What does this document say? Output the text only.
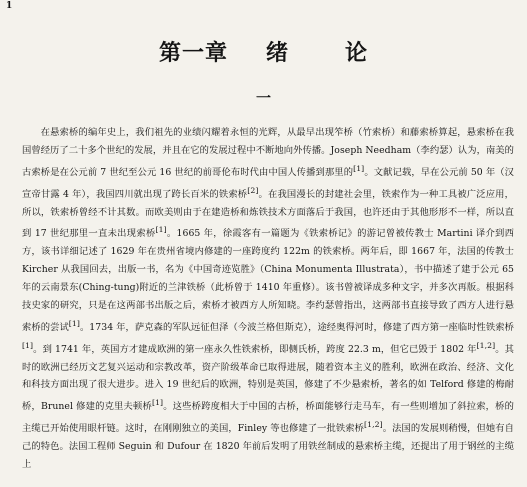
1
第一章 绪	论
一

在悬索桥的编年史上，我们祖先的业绩闪耀着永恒的光辉，从最早出现笮桥（竹索桥）和藤索桥算起，悬索桥在我国曾经历了二十多个世纪的发展，并且在它的发展过程中不断地向外传播。Joseph Needham（李约瑟）认为，南美的古索桥是在公元前 7 世纪至公元 16 世纪的前哥伦布时代由中国人传播到那里的[1]。文献记载，早在公元前 50 年（汉宣帝甘露 4 年），我国四川就出现了跨长百米的铁索桥[2]。在我国漫长的封建社会里，铁索作为一种工具被广泛应用，所以，铁索桥曾经不计其数。而欧美则由于在建造桥和炼铁技术方面落后于我国，也许还由于其他形形不一样，所以直到 17 世纪那里一直未出现索桥[1]。1665 年，徐霞客有一篇题为《铁索桥记》的游记曾被传教士 Martini 译介到西方，该书详细记述了 1629 年在贵州省境内修建的一座跨度约 122m 的铁索桥。两年后，即 1667 年，法国的传教士 Kircher 从我国回去，出版一书，名为《中国奇迹览胜》（China Monumenta Illustrata），书中描述了建于公元 65 年的云南景东(Ching-tung)附近的兰津铁桥（此桥曾于 1410 年重修）。该书曾被译成多种文字，并多次再版。根据科技史家的研究，只是在这两部书出版之后，索桥才被西方人所知晓。李约瑟曾指出，这两部书直接导致了西方人进行悬索桥的尝试[1]。1734 年，萨克森的军队远征但泽（今波兰格但斯克），途经奥得河时，修建了西方第一座临时性铁索桥[1]。到 1741 年，英国方才建成欧洲的第一座永久性铁索桥，即侧氏桥，跨度 22.3 m，但它已毁于 1802 年[1,2]。其时的欧洲已经历文艺复兴运动和宗教改革，资产阶级革命已取得进展，随着资本主义的胜利，欧洲在政治、经济、文化和科技方面出现了很大进步。进入 19 世纪后的欧洲，特别是英国，修建了不少悬索桥，著名的如 Telford 修建的梅耐桥，Brunel 修建的克里夫顿桥[1]。这些桥跨度相大于中国的古桥，桥面能够行走马车，有一些则增加了斜拉索，桥的主缆已开始使用眼杆链。这时，在刚刚独立的美国，Finley 等也修建了一批铁索桥[1,2]。法国的发展则稍慢，但她有自己的特色。法国工程师 Seguin 和 Dufour 在 1820 年前后发明了用铁丝制成的悬索桥主缆，还提出了用于钢丝的主缆上
